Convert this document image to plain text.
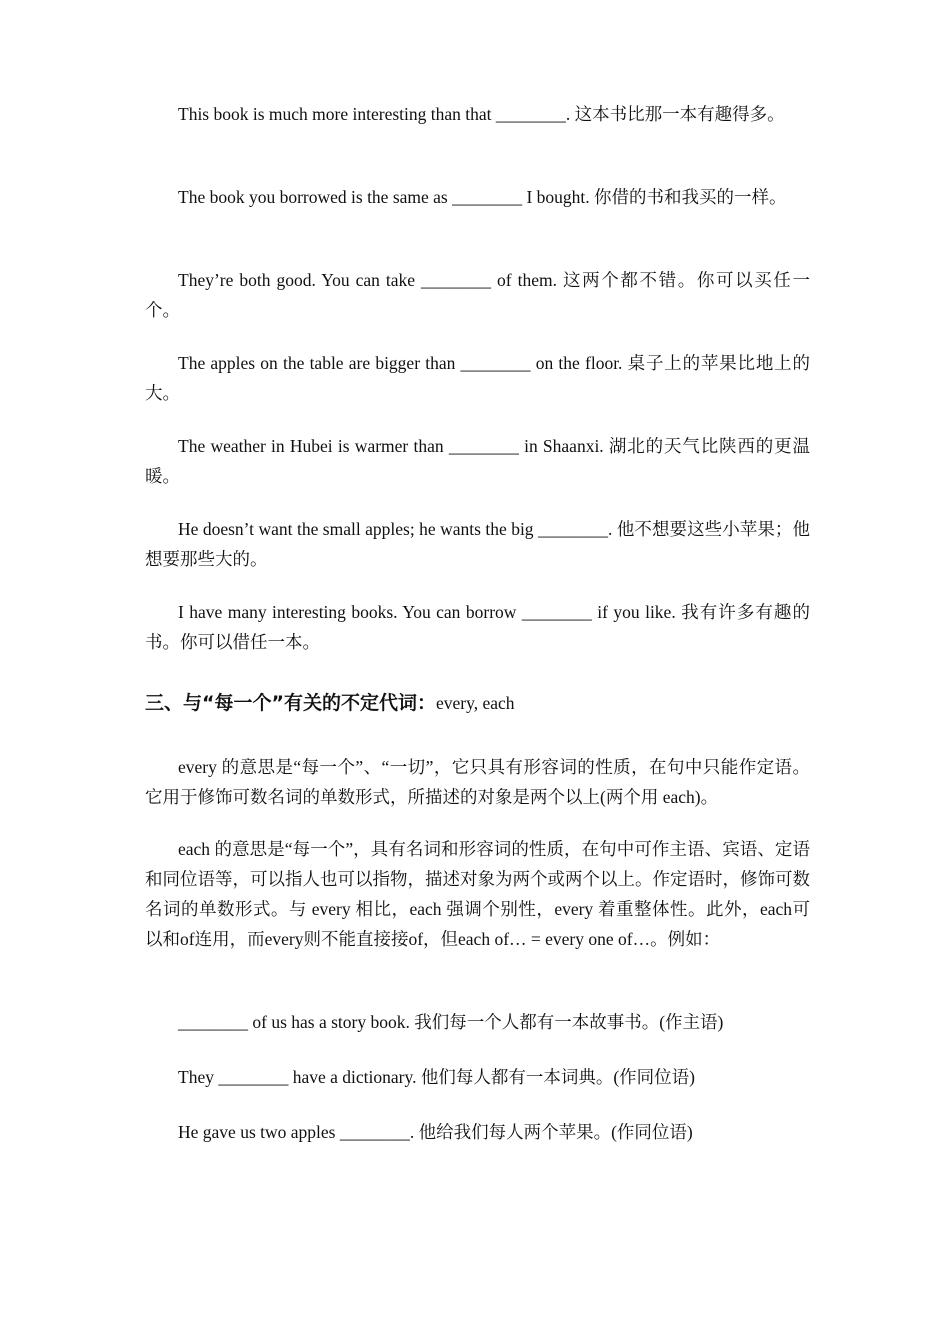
This book is much more interesting than that ________. 这本书比那一本有趣得多。

The book you borrowed is the same as ________ I bought. 你借的书和我买的一样。

They’re both good. You can take ________ of them. 这两个都不错。你可以买任一个。

The apples on the table are bigger than ________ on the floor. 桌子上的苹果比地上的大。

The weather in Hubei is warmer than ________ in Shaanxi. 湖北的天气比陕西的更温暖。

He doesn’t want the small apples; he wants the big ________. 他不想要这些小苹果；他想要那些大的。

I have many interesting books. You can borrow ________ if you like. 我有许多有趣的书。你可以借任一本。

三、与“每一个”有关的不定代词：every, each

every 的意思是“每一个”、“一切”，它只具有形容词的性质，在句中只能作定语。它用于修饰可数名词的单数形式，所描述的对象是两个以上(两个用 each)。

each 的意思是“每一个”，具有名词和形容词的性质，在句中可作主语、宾语、定语和同位语等，可以指人也可以指物，描述对象为两个或两个以上。作定语时，修饰可数名词的单数形式。与 every 相比，each 强调个别性，every 着重整体性。此外，each可以和of连用，而every则不能直接接of，但each of… = every one of…。例如：

________ of us has a story book. 我们每一个人都有一本故事书。(作主语)

They ________ have a dictionary. 他们每人都有一本词典。(作同位语)

He gave us two apples ________. 他给我们每人两个苹果。(作同位语)
